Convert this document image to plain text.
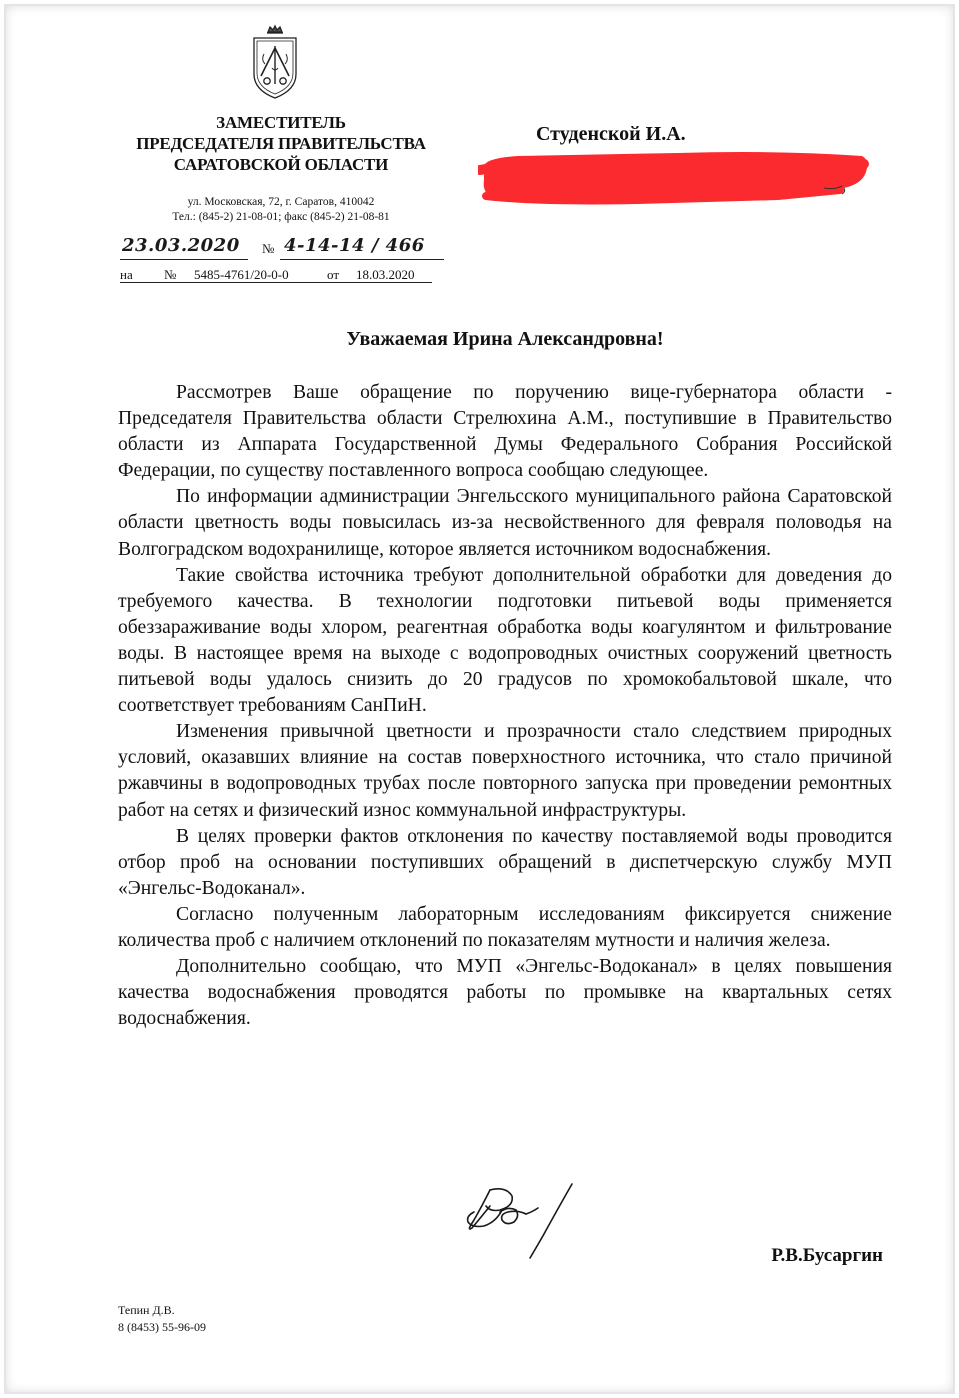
ЗАМЕСТИТЕЛЬ
ПРЕДСЕДАТЕЛЯ ПРАВИТЕЛЬСТВА
САРАТОВСКОЙ ОБЛАСТИ
ул. Московская, 72, г. Саратов, 410042
Тел.: (845-2) 21-08-01; факс (845-2) 21-08-81
23.03.2020 № 4-14-14 / 466
на № 5485-4761/20-0-0	от 18.03.2020
Студенской И.А.
Уважаемая Ирина Александровна!

Рассмотрев Ваше обращение по поручению вице-губернатора области - Председателя Правительства области Стрелюхина А.М., поступившие в Правительство области из Аппарата Государственной Думы Федерального Собрания Российской Федерации, по существу поставленного вопроса сообщаю следующее.

По информации администрации Энгельсского муниципального района Саратовской области цветность воды повысилась из-за несвойственного для февраля половодья на Волгоградском водохранилище, которое является источником водоснабжения.

Такие свойства источника требуют дополнительной обработки для доведения до требуемого качества. В технологии подготовки питьевой воды применяется обеззараживание воды хлором, реагентная обработка воды коагулянтом и фильтрование воды. В настоящее время на выходе с водопроводных очистных сооружений цветность питьевой воды удалось снизить до 20 градусов по хромокобальтовой шкале, что соответствует требованиям СанПиН.

Изменения привычной цветности и прозрачности стало следствием природных условий, оказавших влияние на состав поверхностного источника, что стало причиной ржавчины в водопроводных трубах после повторного запуска при проведении ремонтных работ на сетях и физический износ коммунальной инфраструктуры.

В целях проверки фактов отклонения по качеству поставляемой воды проводится отбор проб на основании поступивших обращений в диспетчерскую службу МУП «Энгельс-Водоканал».

Согласно полученным лабораторным исследованиям фиксируется снижение количества проб с наличием отклонений по показателям мутности и наличия железа.

Дополнительно сообщаю, что МУП «Энгельс-Водоканал» в целях повышения качества водоснабжения проводятся работы по промывке на квартальных сетях водоснабжения.

Р.В.Бусаргин
Тепин Д.В.
8 (8453) 55-96-09
